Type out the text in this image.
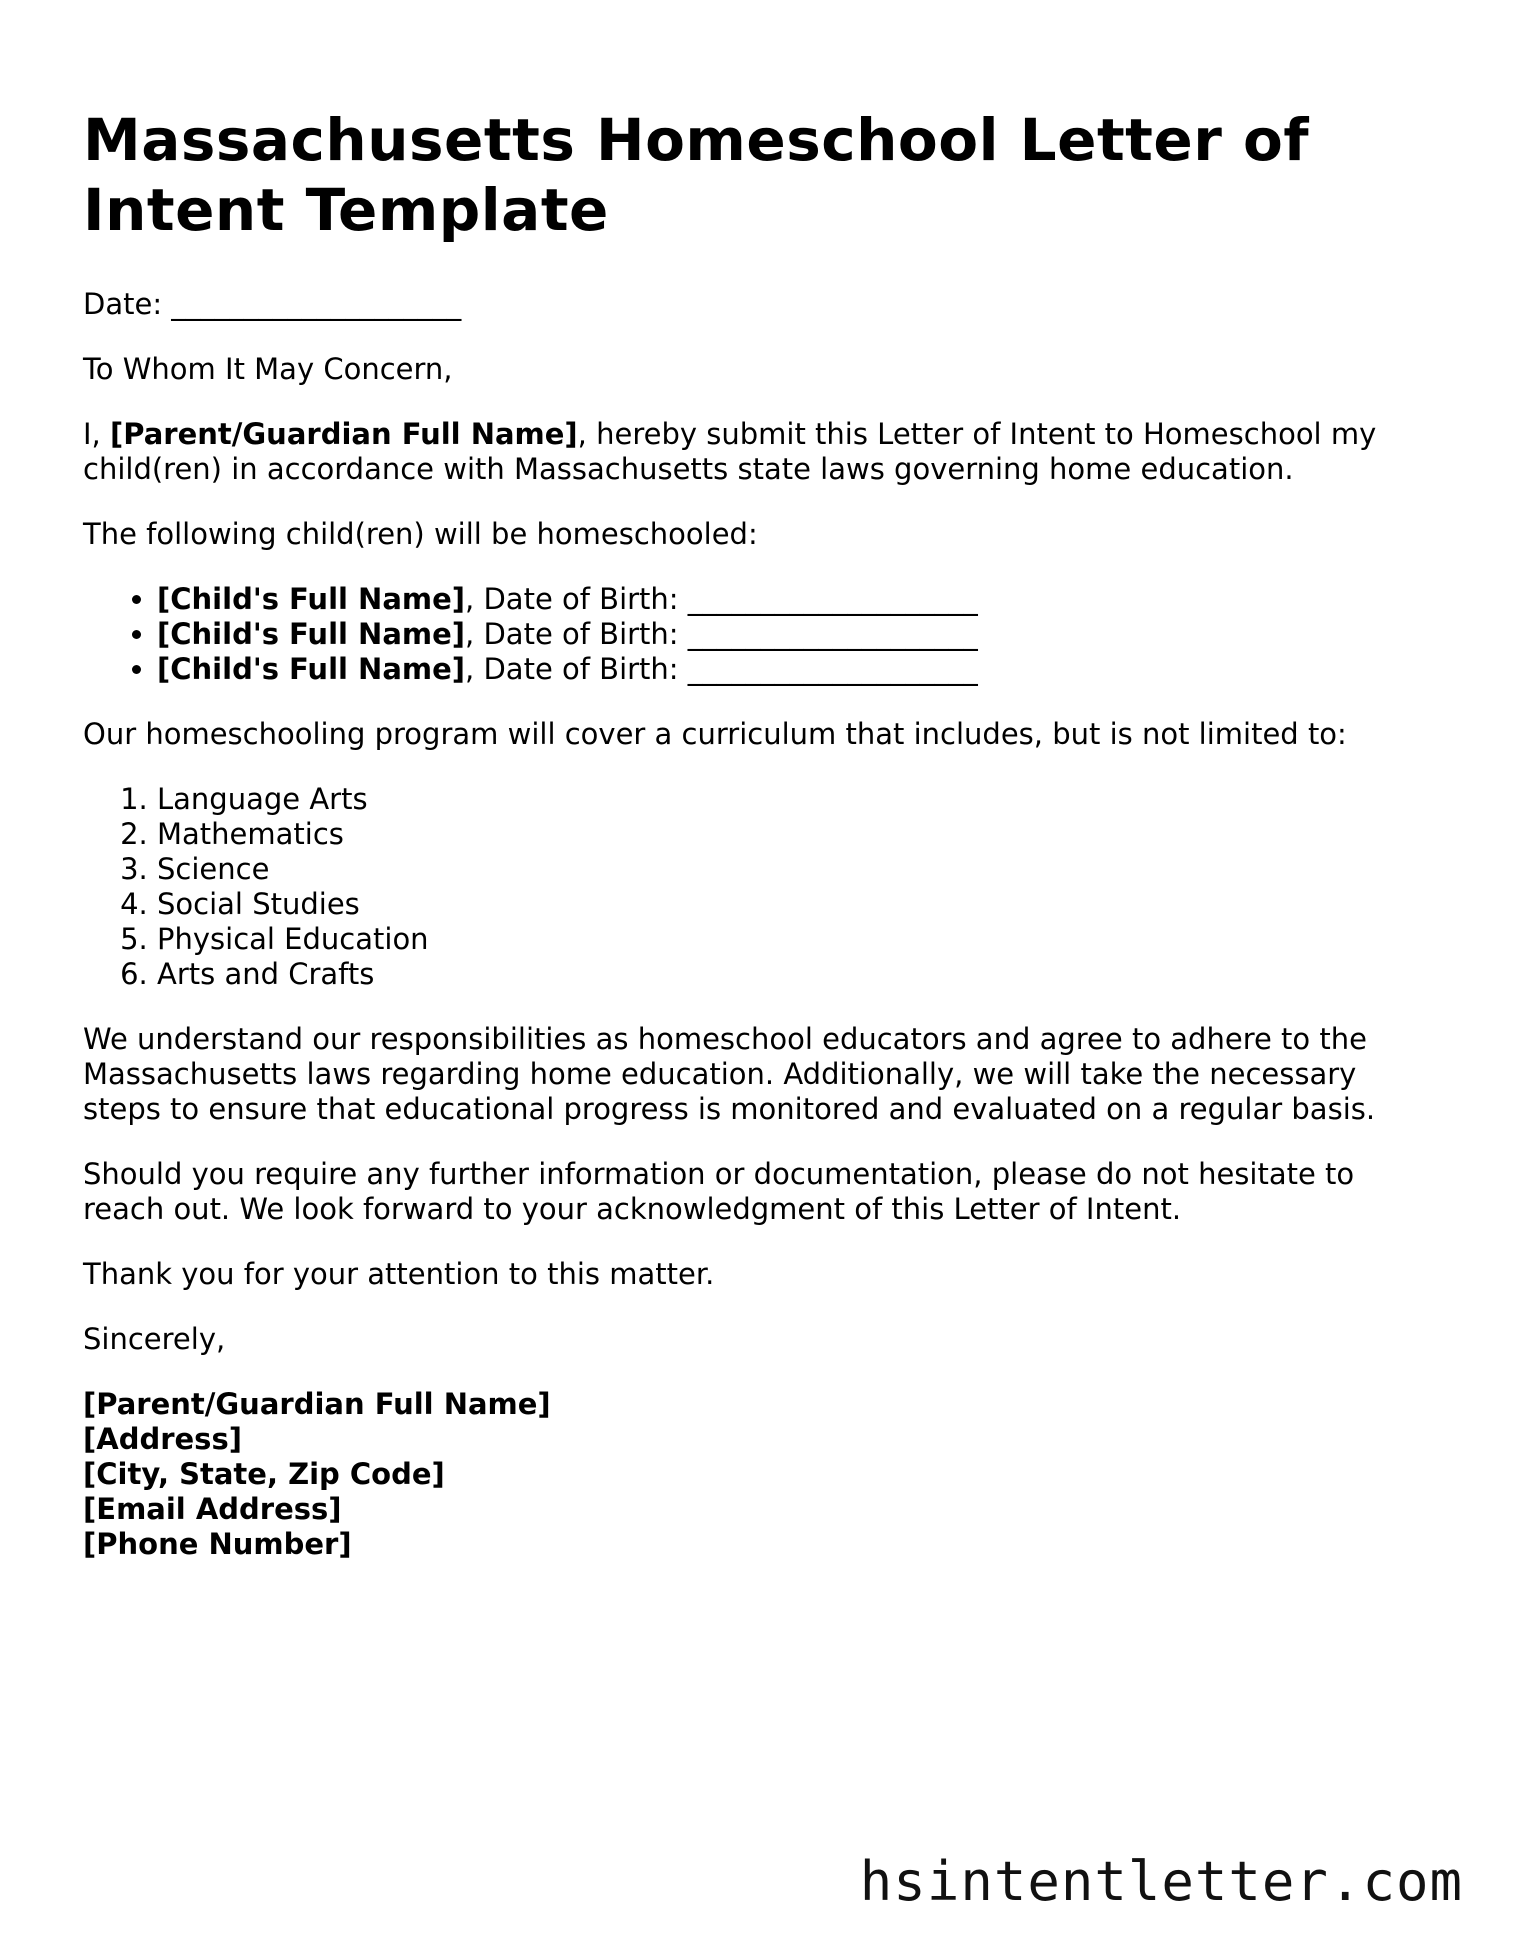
Massachusetts Homeschool Letter of Intent Template

Date: ____________________

To Whom It May Concern,

I, [Parent/Guardian Full Name], hereby submit this Letter of Intent to Homeschool my child(ren) in accordance with Massachusetts state laws governing home education.

The following child(ren) will be homeschooled:

• [Child's Full Name], Date of Birth: ____________________
• [Child's Full Name], Date of Birth: ____________________
• [Child's Full Name], Date of Birth: ____________________

Our homeschooling program will cover a curriculum that includes, but is not limited to:

1. Language Arts
2. Mathematics
3. Science
4. Social Studies
5. Physical Education
6. Arts and Crafts

We understand our responsibilities as homeschool educators and agree to adhere to the Massachusetts laws regarding home education. Additionally, we will take the necessary steps to ensure that educational progress is monitored and evaluated on a regular basis.

Should you require any further information or documentation, please do not hesitate to reach out. We look forward to your acknowledgment of this Letter of Intent.

Thank you for your attention to this matter.

Sincerely,

[Parent/Guardian Full Name]
[Address]
[City, State, Zip Code]
[Email Address]
[Phone Number]
hsintentletter.com
